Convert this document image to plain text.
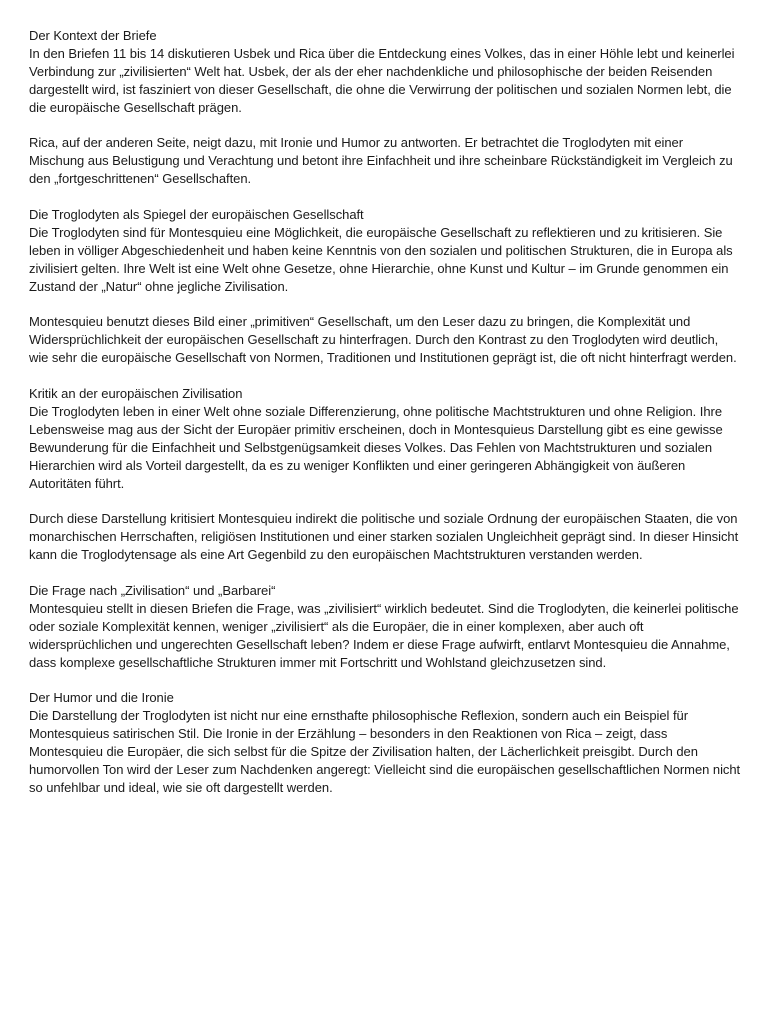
Der Kontext der Briefe
In den Briefen 11 bis 14 diskutieren Usbek und Rica über die Entdeckung eines Volkes, das in einer Höhle lebt und keinerlei Verbindung zur „zivilisierten“ Welt hat. Usbek, der als der eher nachdenkliche und philosophische der beiden Reisenden dargestellt wird, ist fasziniert von dieser Gesellschaft, die ohne die Verwirrung der politischen und sozialen Normen lebt, die die europäische Gesellschaft prägen.
Rica, auf der anderen Seite, neigt dazu, mit Ironie und Humor zu antworten. Er betrachtet die Troglodyten mit einer Mischung aus Belustigung und Verachtung und betont ihre Einfachheit und ihre scheinbare Rückständigkeit im Vergleich zu den „fortgeschrittenen“ Gesellschaften.
Die Troglodyten als Spiegel der europäischen Gesellschaft
Die Troglodyten sind für Montesquieu eine Möglichkeit, die europäische Gesellschaft zu reflektieren und zu kritisieren. Sie leben in völliger Abgeschiedenheit und haben keine Kenntnis von den sozialen und politischen Strukturen, die in Europa als zivilisiert gelten. Ihre Welt ist eine Welt ohne Gesetze, ohne Hierarchie, ohne Kunst und Kultur – im Grunde genommen ein Zustand der „Natur“ ohne jegliche Zivilisation.
Montesquieu benutzt dieses Bild einer „primitiven“ Gesellschaft, um den Leser dazu zu bringen, die Komplexität und Widersprüchlichkeit der europäischen Gesellschaft zu hinterfragen. Durch den Kontrast zu den Troglodyten wird deutlich, wie sehr die europäische Gesellschaft von Normen, Traditionen und Institutionen geprägt ist, die oft nicht hinterfragt werden.
Kritik an der europäischen Zivilisation
Die Troglodyten leben in einer Welt ohne soziale Differenzierung, ohne politische Machtstrukturen und ohne Religion. Ihre Lebensweise mag aus der Sicht der Europäer primitiv erscheinen, doch in Montesquieus Darstellung gibt es eine gewisse Bewunderung für die Einfachheit und Selbstgenügsamkeit dieses Volkes. Das Fehlen von Machtstrukturen und sozialen Hierarchien wird als Vorteil dargestellt, da es zu weniger Konflikten und einer geringeren Abhängigkeit von äußeren Autoritäten führt.
Durch diese Darstellung kritisiert Montesquieu indirekt die politische und soziale Ordnung der europäischen Staaten, die von monarchischen Herrschaften, religiösen Institutionen und einer starken sozialen Ungleichheit geprägt sind. In dieser Hinsicht kann die Troglodytensage als eine Art Gegenbild zu den europäischen Machtstrukturen verstanden werden.
Die Frage nach „Zivilisation“ und „Barbarei“
Montesquieu stellt in diesen Briefen die Frage, was „zivilisiert“ wirklich bedeutet. Sind die Troglodyten, die keinerlei politische oder soziale Komplexität kennen, weniger „zivilisiert“ als die Europäer, die in einer komplexen, aber auch oft widersprüchlichen und ungerechten Gesellschaft leben? Indem er diese Frage aufwirft, entlarvt Montesquieu die Annahme, dass komplexe gesellschaftliche Strukturen immer mit Fortschritt und Wohlstand gleichzusetzen sind.
Der Humor und die Ironie
Die Darstellung der Troglodyten ist nicht nur eine ernsthafte philosophische Reflexion, sondern auch ein Beispiel für Montesquieus satirischen Stil. Die Ironie in der Erzählung – besonders in den Reaktionen von Rica – zeigt, dass Montesquieu die Europäer, die sich selbst für die Spitze der Zivilisation halten, der Lächerlichkeit preisgibt. Durch den humorvollen Ton wird der Leser zum Nachdenken angeregt: Vielleicht sind die europäischen gesellschaftlichen Normen nicht so unfehlbar und ideal, wie sie oft dargestellt werden.
